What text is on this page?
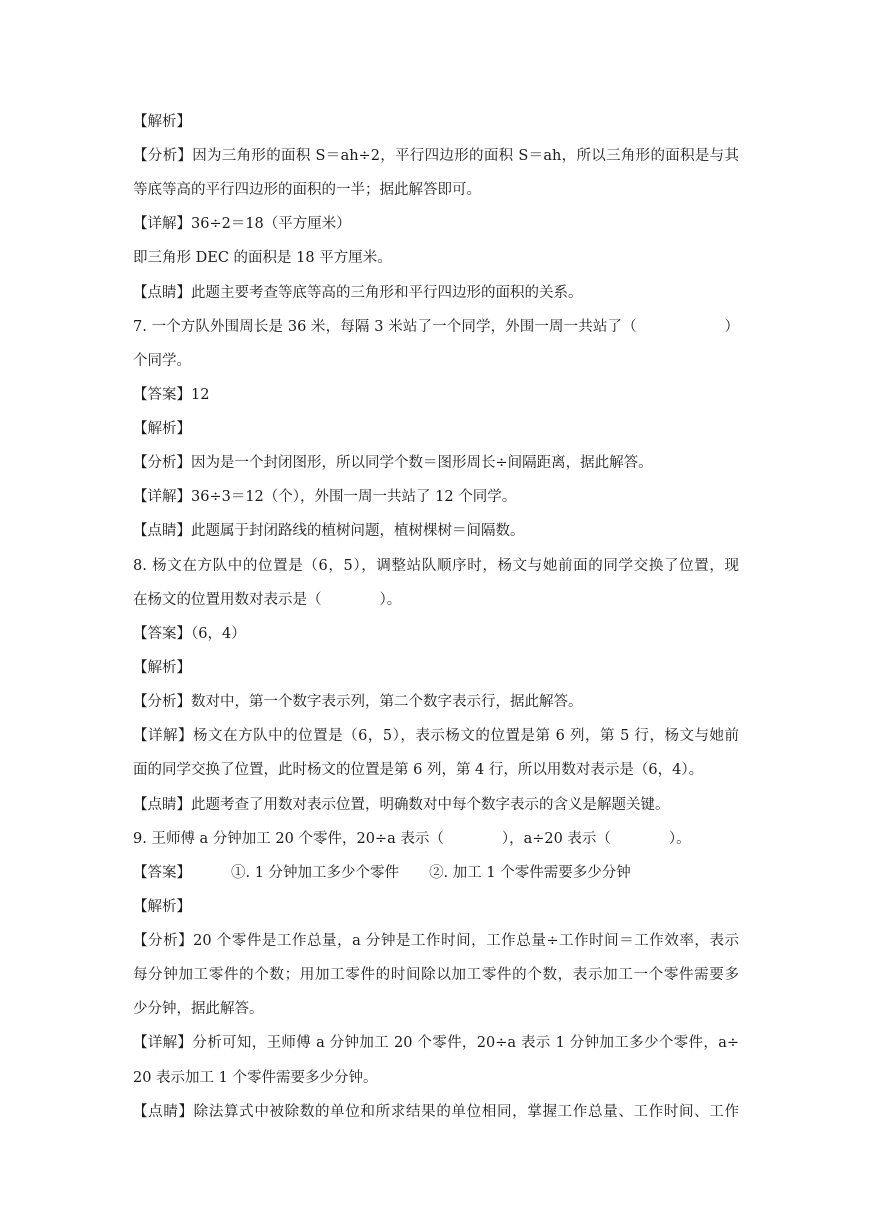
【解析】
【分析】因为三角形的面积 S＝ah÷2，平行四边形的面积 S＝ah，所以三角形的面积是与其
等底等高的平行四边形的面积的一半；据此解答即可。
【详解】36÷2＝18（平方厘米）
即三角形 DEC 的面积是 18 平方厘米。
【点睛】此题主要考查等底等高的三角形和平行四边形的面积的关系。
7. 一个方队外围周长是 36 米，每隔 3 米站了一个同学，外围一周一共站了（　　　　　　）
个同学。
【答案】12
【解析】
【分析】因为是一个封闭图形，所以同学个数＝图形周长÷间隔距离，据此解答。
【详解】36÷3＝12（个），外围一周一共站了 12 个同学。
【点睛】此题属于封闭路线的植树问题，植树棵树＝间隔数。
8. 杨文在方队中的位置是（6，5），调整站队顺序时，杨文与她前面的同学交换了位置，现
在杨文的位置用数对表示是（　　　　）。
【答案】（6，4）
【解析】
【分析】数对中，第一个数字表示列，第二个数字表示行，据此解答。
【详解】杨文在方队中的位置是（6，5），表示杨文的位置是第 6 列，第 5 行，杨文与她前
面的同学交换了位置，此时杨文的位置是第 6 列，第 4 行，所以用数对表示是（6，4）。
【点睛】此题考查了用数对表示位置，明确数对中每个数字表示的含义是解题关键。
9. 王师傅 a 分钟加工 20 个零件，20÷a 表示（　　　　），a÷20 表示（　　　　）。
【答案】	①. 1 分钟加工多少个零件 ②. 加工 1 个零件需要多少分钟
【解析】
【分析】20 个零件是工作总量，a 分钟是工作时间，工作总量÷工作时间＝工作效率，表示
每分钟加工零件的个数；用加工零件的时间除以加工零件的个数，表示加工一个零件需要多
少分钟，据此解答。
【详解】分析可知，王师傅 a 分钟加工 20 个零件，20÷a 表示 1 分钟加工多少个零件，a÷
20 表示加工 1 个零件需要多少分钟。
【点睛】除法算式中被除数的单位和所求结果的单位相同，掌握工作总量、工作时间、工作
